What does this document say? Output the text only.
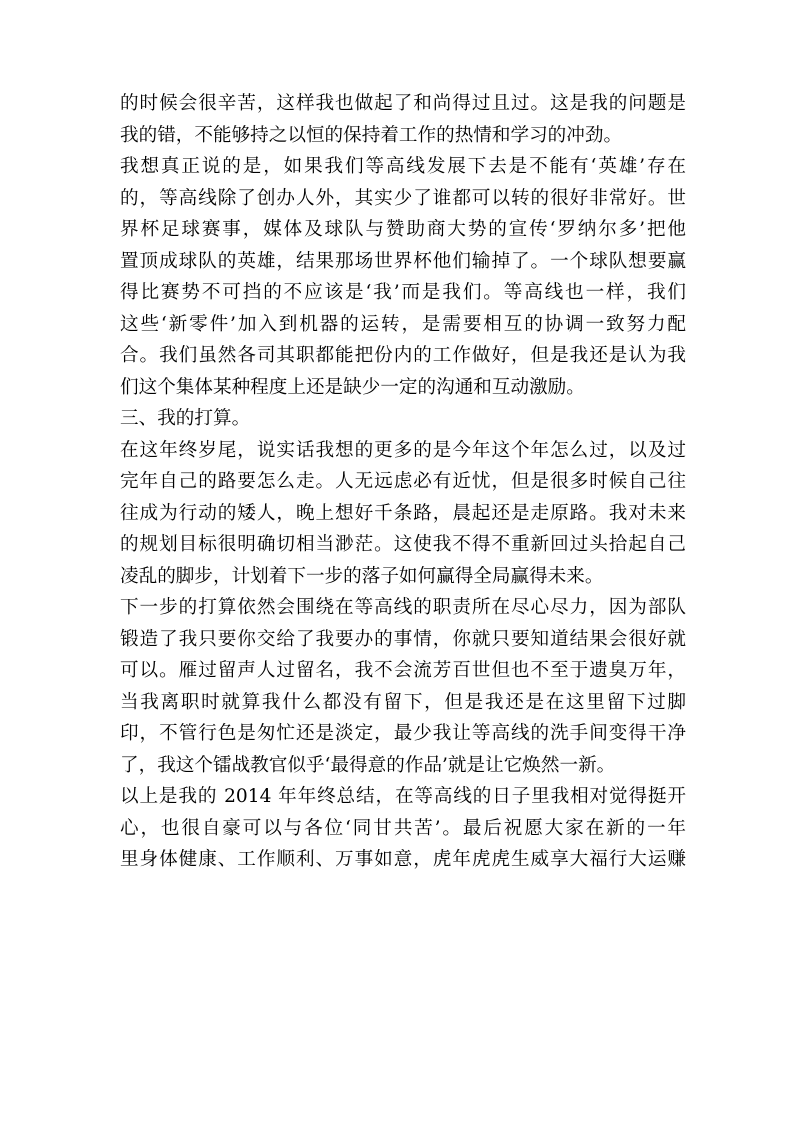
的时候会很辛苦，这样我也做起了和尚得过且过。这是我的问题是
我的错，不能够持之以恒的保持着工作的热情和学习的冲劲。
我想真正说的是，如果我们等高线发展下去是不能有‘英雄’存在
的，等高线除了创办人外，其实少了谁都可以转的很好非常好。世
界杯足球赛事，媒体及球队与赞助商大势的宣传‘罗纳尔多’把他
置顶成球队的英雄，结果那场世界杯他们输掉了。一个球队想要赢
得比赛势不可挡的不应该是‘我’而是我们。等高线也一样，我们
这些‘新零件’加入到机器的运转，是需要相互的协调一致努力配
合。我们虽然各司其职都能把份内的工作做好，但是我还是认为我
们这个集体某种程度上还是缺少一定的沟通和互动激励。
三、我的打算。
在这年终岁尾，说实话我想的更多的是今年这个年怎么过，以及过
完年自己的路要怎么走。人无远虑必有近忧，但是很多时候自己往
往成为行动的矮人，晚上想好千条路，晨起还是走原路。我对未来
的规划目标很明确切相当渺茫。这使我不得不重新回过头拾起自己
凌乱的脚步，计划着下一步的落子如何赢得全局赢得未来。
下一步的打算依然会围绕在等高线的职责所在尽心尽力，因为部队
锻造了我只要你交给了我要办的事情，你就只要知道结果会很好就
可以。雁过留声人过留名，我不会流芳百世但也不至于遗臭万年，
当我离职时就算我什么都没有留下，但是我还是在这里留下过脚
印，不管行色是匆忙还是淡定，最少我让等高线的洗手间变得干净
了，我这个镭战教官似乎‘最得意的作品’就是让它焕然一新。
以上是我的 2014 年年终总结，在等高线的日子里我相对觉得挺开
心，也很自豪可以与各位‘同甘共苦’。最后祝愿大家在新的一年
里身体健康、工作顺利、万事如意，虎年虎虎生威享大福行大运赚
